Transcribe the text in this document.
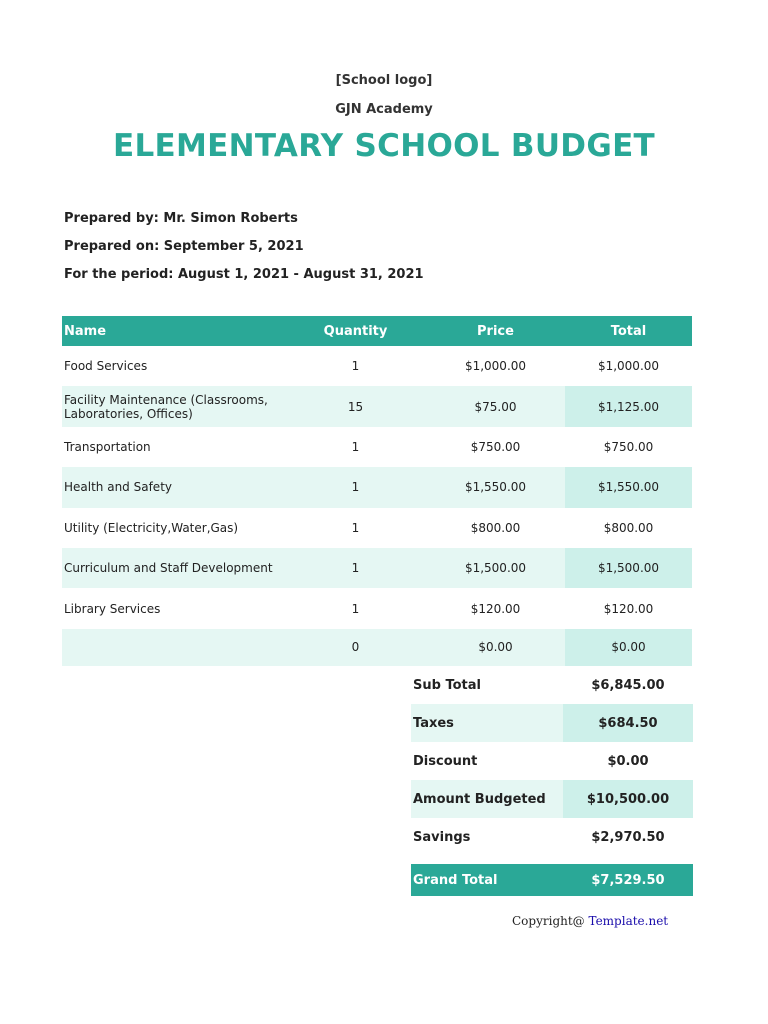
[School logo]
GJN Academy
ELEMENTARY SCHOOL BUDGET
Prepared by: Mr. Simon Roberts
Prepared on: September 5, 2021
For the period: August 1, 2021 - August 31, 2021
Name	Quantity	Price	Total
Food Services	1	$1,000.00	$1,000.00
Facility Maintenance (Classrooms, Laboratories, Offices)	15	$75.00	$1,125.00
Transportation	1	$750.00	$750.00
Health and Safety	1	$1,550.00	$1,550.00
Utility (Electricity,Water,Gas)	1	$800.00	$800.00
Curriculum and Staff Development	1	$1,500.00	$1,500.00
Library Services	1	$120.00	$120.00
	0	$0.00	$0.00
Sub Total	$6,845.00
Taxes	$684.50
Discount	$0.00
Amount Budgeted	$10,500.00
Savings	$2,970.50

Grand Total	$7,529.50
Copyright@ Template.net
